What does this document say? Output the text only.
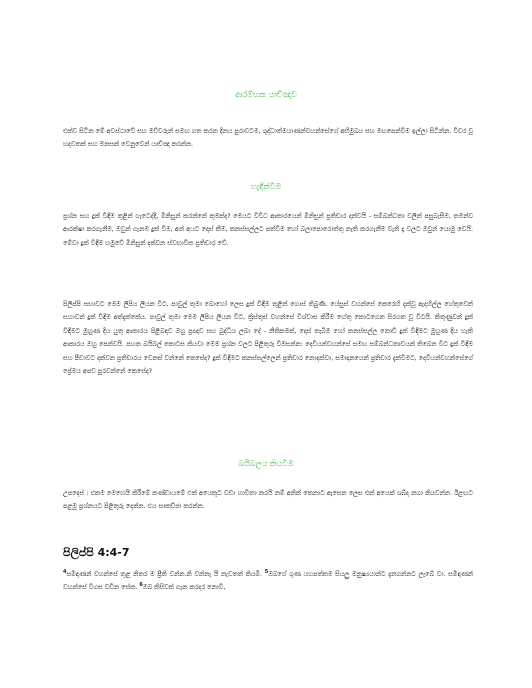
ආරම්භක යාච්ඤාව

එක්ව සිටින මේ අවස්ථාවේ සහ මව්වරුන් සමඟ ගත කරන දිනය පුරාවටම, ශුද්ධාත්මයාණන්වහන්සේගේ අභිමුඛය සහ මඟපෙන්වීම ඉල්ලා සිටින්න. විවර වූ හදවතක් සහ මනසක් වෙනුවෙන් යාච්ඤා කරන්න.

හැඳින්වීම

ප්‍රශ්න සහ දුක් විඳීම තුළින් ගැටෙද්දී, මිනිසුන් කරන්නේ කුමක්ද? මෙයට විවිධ ආකාරයෙන් මිනිසුන් ප්‍රතිචාර දක්වයි - සම්බන්ධතා වලින් පසුබැසීම, තමන්ව ආරක්ෂා කරගැනීම, ඔවුන් ගැනම දුක් වීම, අන් අයට දොස් කීම, කනස්සල්ලට පත්වීම හෝ බලාපොරොත්තු නැති කරගැනීම වැනි දෑ වලට ඔවුන් යොමු වෙයි. මේවා දුක් විඳීම හමුවේ මිනිසුන් දක්වන ස්වභාවික ප්‍රතිචාර වේ.

පිලිප්පි සභාවට මෙම ලිපිය ලියන විට, පාවුල් තුමා බොහෝ ලෙස දුක් විඳීම තුළින් ගොස් තිබුණි. යේසුස් වහන්සේ කෙරෙහි දැක්වූ ඇදහිල්ල හේතුවෙන් සහාවන් දුක් විඳීම අත්දැක්කේය. පාවුල් තුමා මෙම ලිපිය ලියන විට, ක්‍රිස්තුස් වහන්සේ විශ්වාස කිරීම හේතු කොටගෙන සිරගත වූ විටයි. කිතුණුවන් දුක් විඳීමට මුහුණ දිය යුතු ආකාරය පිළිබඳව ඔහු ප්‍රඥාව සහ බුද්ධිය ලබා දේ - නීතිකමක්, දොස් තැබීම හෝ කනස්සල්ල නොව් දුක් විඳීමට මුහුණ දිය හැකි ආකාරය ඔහු පෙන්වයි. පහත බයිබල් කොටස කියවා මෙම ප්‍රශ්න වලට පිළිතුරු විමසන්න: දෙවියන්වහන්සේ සමඟ සම්බන්ධතාවයක් තිබෙන විට දුක් විඳීම සහ පීඩාවට දක්වන ප්‍රතිචාරය වෙනස් වන්නේ කෙසේද? දුක් විඳීමට කනස්සල්ලෙන් ප්‍රතිචාර නොදක්වා, සමාදානයෙන් ප්‍රතිචාර දැක්වීමට, දෙවියන්වහන්සේගේ ප්‍රේමය අපව පුරවන්නේ කෙසේද?

බයිබලය කියවීම

උපදෙස් : එකම මෙහෙයි කිරීමේ කණ්ඩායමේ එක් අයෙකුට වඩා හාවිතා කරයි නම් අනික් කෙනාට ඇසෙන ලෙස එක් අයෙක් ශබ්ද නගා කියවන්න. ඊළඟට පළමු ප්‍රශ්නයට පිළිතුරු දෙන්න. එය සාකච්ඡා කරන්න.

පිලිප්පි 4:4-7

$^4$සමිඳාණන් වහන්සේ තුළ නිතර ම ප්‍රීති වන්න.නි වන්නැ යි නැවතත් කියමි. $^5$ඔබගේ ගුණ යහපත්කම සියලු මනුෂ්‍යයාන්ට දැනගන්නට ලැබේ වා. සමිඳාණන් වහන්සේ විගස වඩින සේක. $^6$ඔබ කිසිවක් ගැන කරදර නොවී,
